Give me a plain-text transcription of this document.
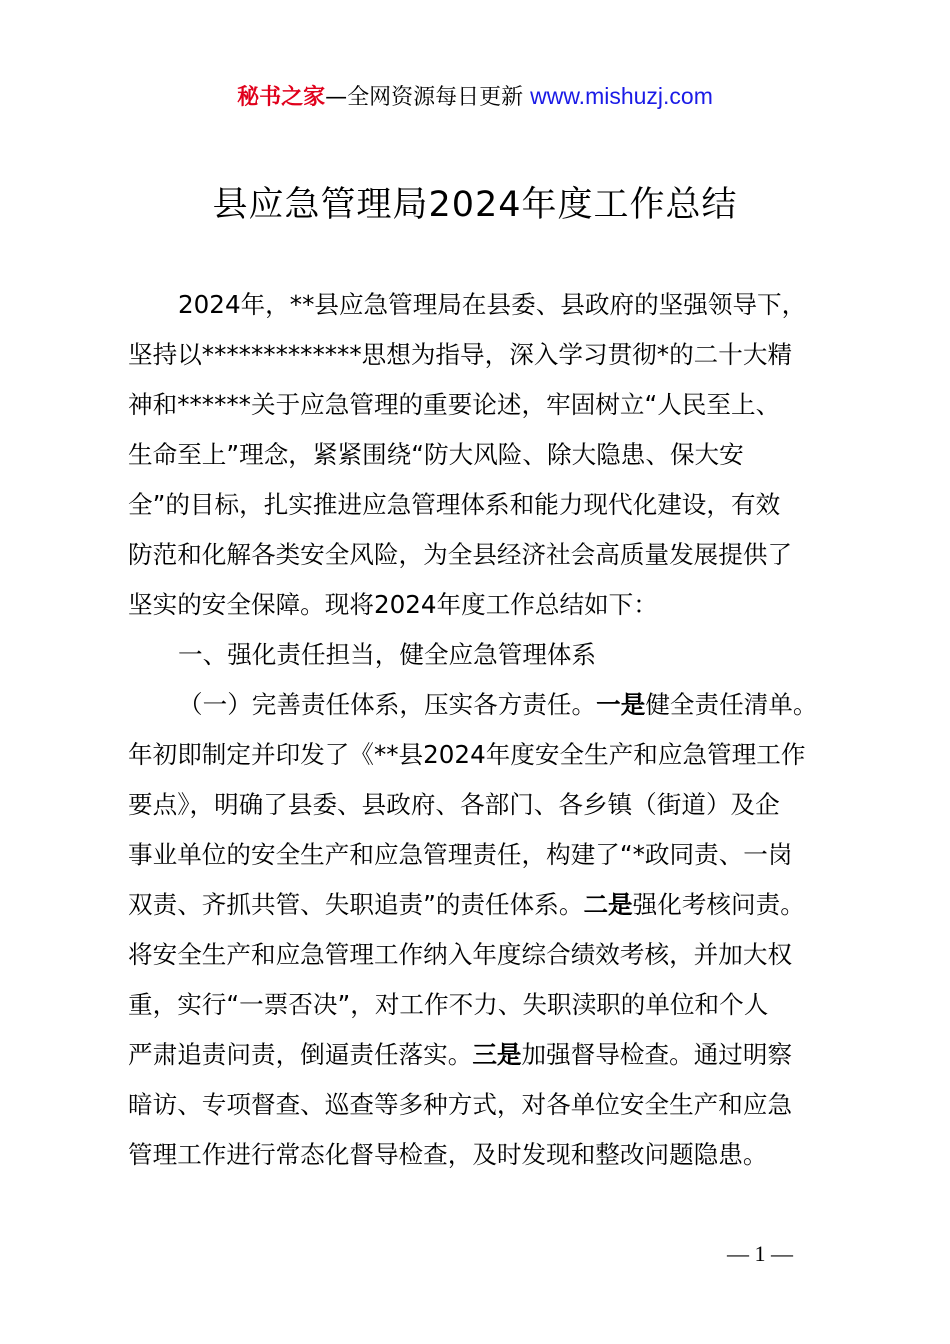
秘书之家—全网资源每日更新 www.mishuzj.com
县应急管理局2024年度工作总结
2024年，**县应急管理局在县委、县政府的坚强领导下，
坚持以*************思想为指导，深入学习贯彻*的二十大精
神和******关于应急管理的重要论述，牢固树立“人民至上、
生命至上”理念，紧紧围绕“防大风险、除大隐患、保大安
全”的目标，扎实推进应急管理体系和能力现代化建设，有效
防范和化解各类安全风险，为全县经济社会高质量发展提供了
坚实的安全保障。现将2024年度工作总结如下：
一、强化责任担当，健全应急管理体系
（一）完善责任体系，压实各方责任。一是健全责任清单。
年初即制定并印发了《**县2024年度安全生产和应急管理工作
要点》，明确了县委、县政府、各部门、各乡镇（街道）及企
事业单位的安全生产和应急管理责任，构建了“*政同责、一岗
双责、齐抓共管、失职追责”的责任体系。二是强化考核问责。
将安全生产和应急管理工作纳入年度综合绩效考核，并加大权
重，实行“一票否决”，对工作不力、失职渎职的单位和个人
严肃追责问责，倒逼责任落实。三是加强督导检查。通过明察
暗访、专项督查、巡查等多种方式，对各单位安全生产和应急
管理工作进行常态化督导检查，及时发现和整改问题隐患。
— 1 —
